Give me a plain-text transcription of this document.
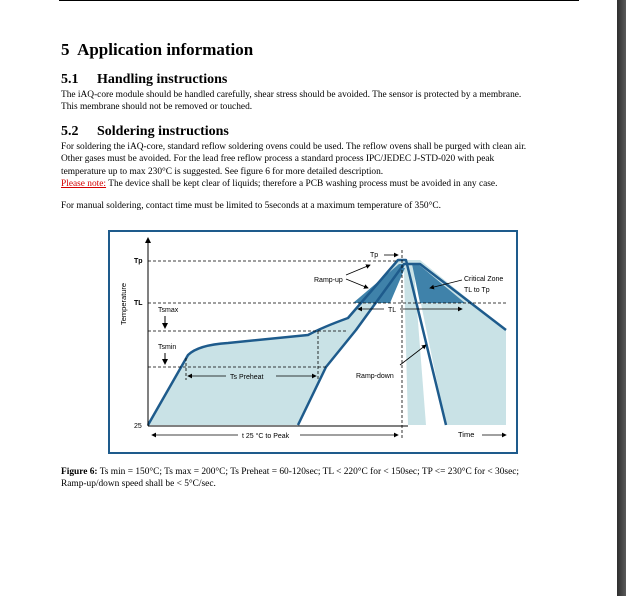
5 Application information
5.1 Handling instructions
The iAQ-core module should be handled carefully, shear stress should be avoided. The sensor is protected by a membrane.
This membrane should not be removed or touched.
5.2 Soldering instructions
For soldering the iAQ-core, standard reflow soldering ovens could be used. The reflow ovens shall be purged with clean air.
Other gases must be avoided. For the lead free reflow process a standard process IPC/JEDEC J-STD-020 with peak
temperature up to max 230°C is suggested. See figure 6 for more detailed description.
Please note: The device shall be kept clear of liquids; therefore a PCB washing process must be avoided in any case.
For manual soldering, contact time must be limited to 5seconds at a maximum temperature of 350°C.
Temperature
Tp
TL
25
Tsmax
Tsmin
Tp
TL
Ramp-up	Critical Zone
TL to Tp
Ramp-down
Ts Preheat
t 25 °C to Peak	Time
Figure 6: Ts min = 150°C; Ts max = 200°C; Ts Preheat = 60-120sec; TL < 220°C for < 150sec; TP <= 230°C for < 30sec;
Ramp-up/down speed shall be < 5°C/sec.
